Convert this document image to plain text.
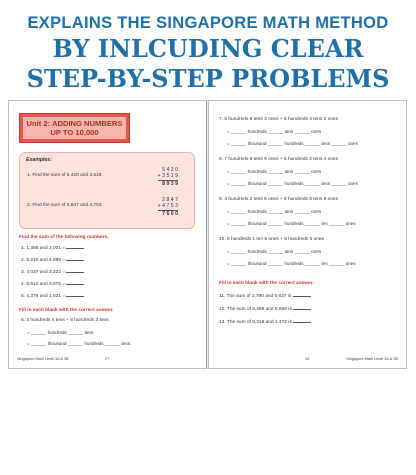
EXPLAINS THE SINGAPORE MATH METHOD
BY INLCUDING CLEAR
STEP-BY-STEP PROBLEMS
Unit 2: ADDING NUMBERS
UP TO 10,000
Examples:
1. Find the sum of 5,420 and 3,519.
5 4 2 0
+ 3 5 1 9
8 9 3 9
2. Find the sum of 2,847 and 4,753.
2 8 4 7
+ 4 7 5 3
7 6 0 0
Find the sum of the following numbers.
1. 1,386 and 2,001 =
2. 5,210 and 4,689 =
3. 4,037 and 2,222 =
4. 6,512 and 3,076 =
5. 4,378 and 1,521 =
Fill in each blank with the correct answer.
6. 3 hundreds 4 tens + 8 hundreds 3 tens
= ______ hundreds ______ tens
= ______ thousand ______ hundreds ______ tens
Singapore Math Level 3A & 3B	27
7. 5 hundreds 9 tens 3 ones + 6 hundreds 4 tens 2 ones
= ______ hundreds ______ tens ______ ones
= ______ thousand ______ hundreds ______ tens ______ ones
8. 7 hundreds 6 tens 9 ones + 5 hundreds 2 tens 4 ones
= ______ hundreds ______ tens ______ ones
= ______ thousand ______ hundreds ______ tens ______ ones
9. 4 hundreds 2 tens 5 ones + 8 hundreds 8 tens 9 ones
= ______ hundreds ______ tens ______ ones
= ______ thousand ______ hundreds ______ ten ______ ones
10. 9 hundreds 1 ten 5 ones + 8 hundreds 5 ones
= ______ hundreds ______ tens ______ ones
= ______ thousand ______ hundreds ______ ten ______ ones
Fill in each blank with the correct answer.
11. The sum of 2,790 and 5,637 is
12. The sum of 3,469 and 5,659 is
13. The sum of 8,316 and 1,472 is
28	Singapore Math Level 3A & 3B
